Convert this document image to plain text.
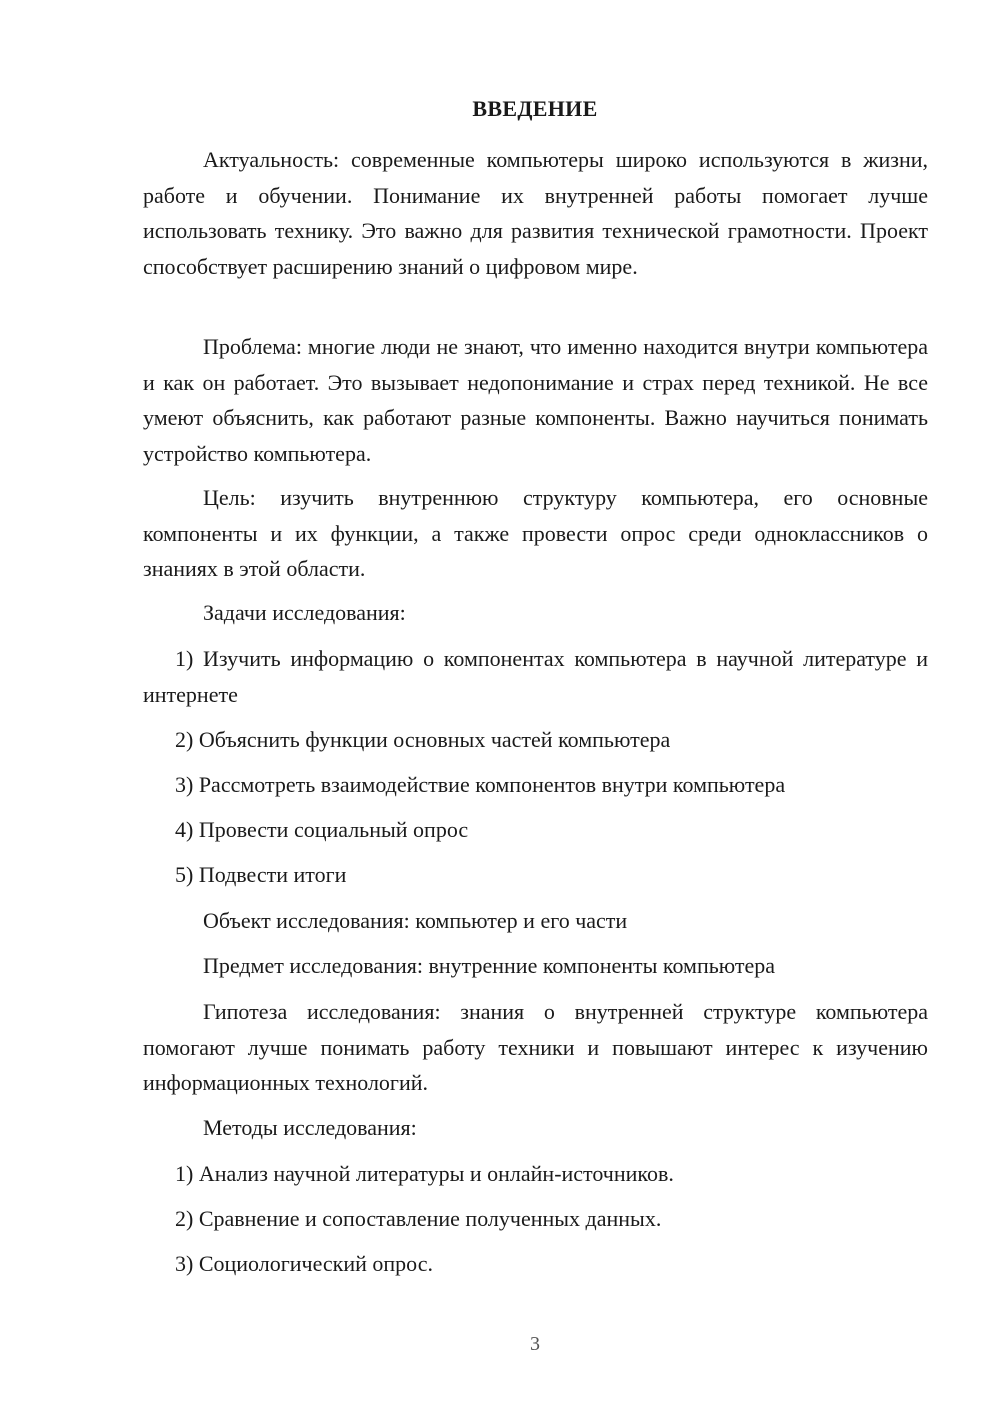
ВВЕДЕНИЕ

Актуальность: современные компьютеры широко используются в жизни, работе и обучении. Понимание их внутренней работы помогает лучше использовать технику. Это важно для развития технической грамотности. Проект способствует расширению знаний о цифровом мире.

Проблема: многие люди не знают, что именно находится внутри компьютера и как он работает. Это вызывает недопонимание и страх перед техникой. Не все умеют объяснить, как работают разные компоненты. Важно научиться понимать устройство компьютера.

Цель: изучить внутреннюю структуру компьютера, его основные компоненты и их функции, а также провести опрос среди одноклассников о знаниях в этой области.

Задачи исследования:

1) Изучить информацию о компонентах компьютера в научной литературе и интернете

2) Объяснить функции основных частей компьютера
3) Рассмотреть взаимодействие компонентов внутри компьютера
4) Провести социальный опрос
5) Подвести итоги
Объект исследования: компьютер и его части
Предмет исследования: внутренние компоненты компьютера

Гипотеза исследования: знания о внутренней структуре компьютера помогают лучше понимать работу техники и повышают интерес к изучению информационных технологий.

Методы исследования:
1) Анализ научной литературы и онлайн-источников.
2) Сравнение и сопоставление полученных данных.
3) Социологический опрос.
3
